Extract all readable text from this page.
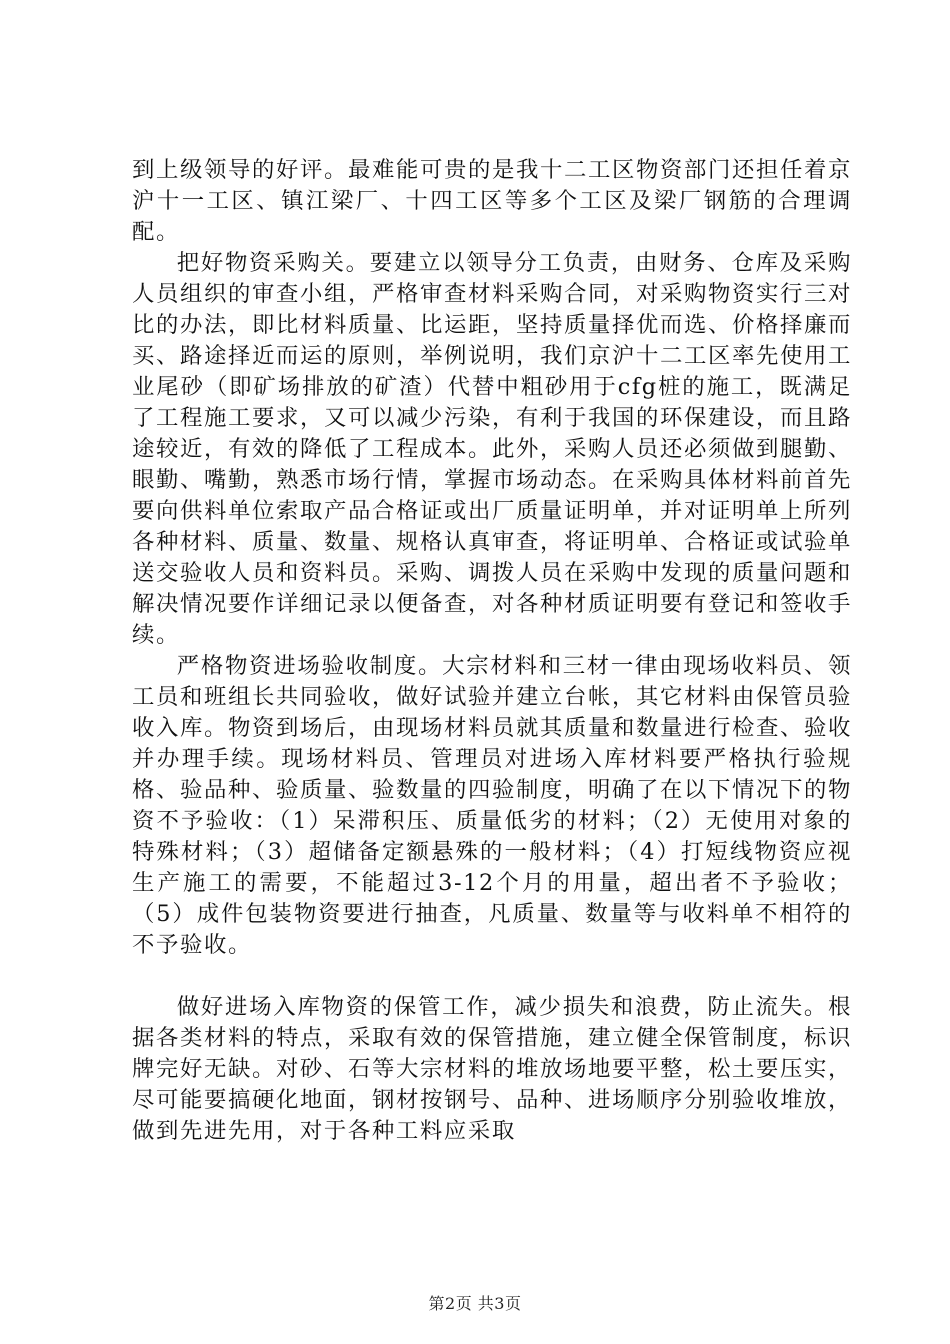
到上级领导的好评。最难能可贵的是我十二工区物资部门还担任着京沪十一工区、镇江梁厂、十四工区等多个工区及梁厂钢筋的合理调配。

把好物资采购关。要建立以领导分工负责，由财务、仓库及采购人员组织的审查小组，严格审查材料采购合同，对采购物资实行三对比的办法，即比材料质量、比运距，坚持质量择优而选、价格择廉而买、路途择近而运的原则，举例说明，我们京沪十二工区率先使用工业尾砂（即矿场排放的矿渣）代替中粗砂用于cfg桩的施工，既满足了工程施工要求，又可以减少污染，有利于我国的环保建设，而且路途较近，有效的降低了工程成本。此外，采购人员还必须做到腿勤、眼勤、嘴勤，熟悉市场行情，掌握市场动态。在采购具体材料前首先要向供料单位索取产品合格证或出厂质量证明单，并对证明单上所列各种材料、质量、数量、规格认真审查，将证明单、合格证或试验单送交验收人员和资料员。采购、调拨人员在采购中发现的质量问题和解决情况要作详细记录以便备查，对各种材质证明要有登记和签收手续。

严格物资进场验收制度。大宗材料和三材一律由现场收料员、领工员和班组长共同验收，做好试验并建立台帐，其它材料由保管员验收入库。物资到场后，由现场材料员就其质量和数量进行检查、验收并办理手续。现场材料员、管理员对进场入库材料要严格执行验规格、验品种、验质量、验数量的四验制度，明确了在以下情况下的物资不予验收：（1）呆滞积压、质量低劣的材料；（2）无使用对象的特殊材料；（3）超储备定额悬殊的一般材料；（4）打短线物资应视生产施工的需要，不能超过3-12个月的用量，超出者不予验收；（5）成件包装物资要进行抽查，凡质量、数量等与收料单不相符的不予验收。

做好进场入库物资的保管工作，减少损失和浪费，防止流失。根据各类材料的特点，采取有效的保管措施，建立健全保管制度，标识牌完好无缺。对砂、石等大宗材料的堆放场地要平整，松土要压实，尽可能要搞硬化地面，钢材按钢号、品种、进场顺序分别验收堆放，做到先进先用，对于各种工料应采取

第2页 共3页
